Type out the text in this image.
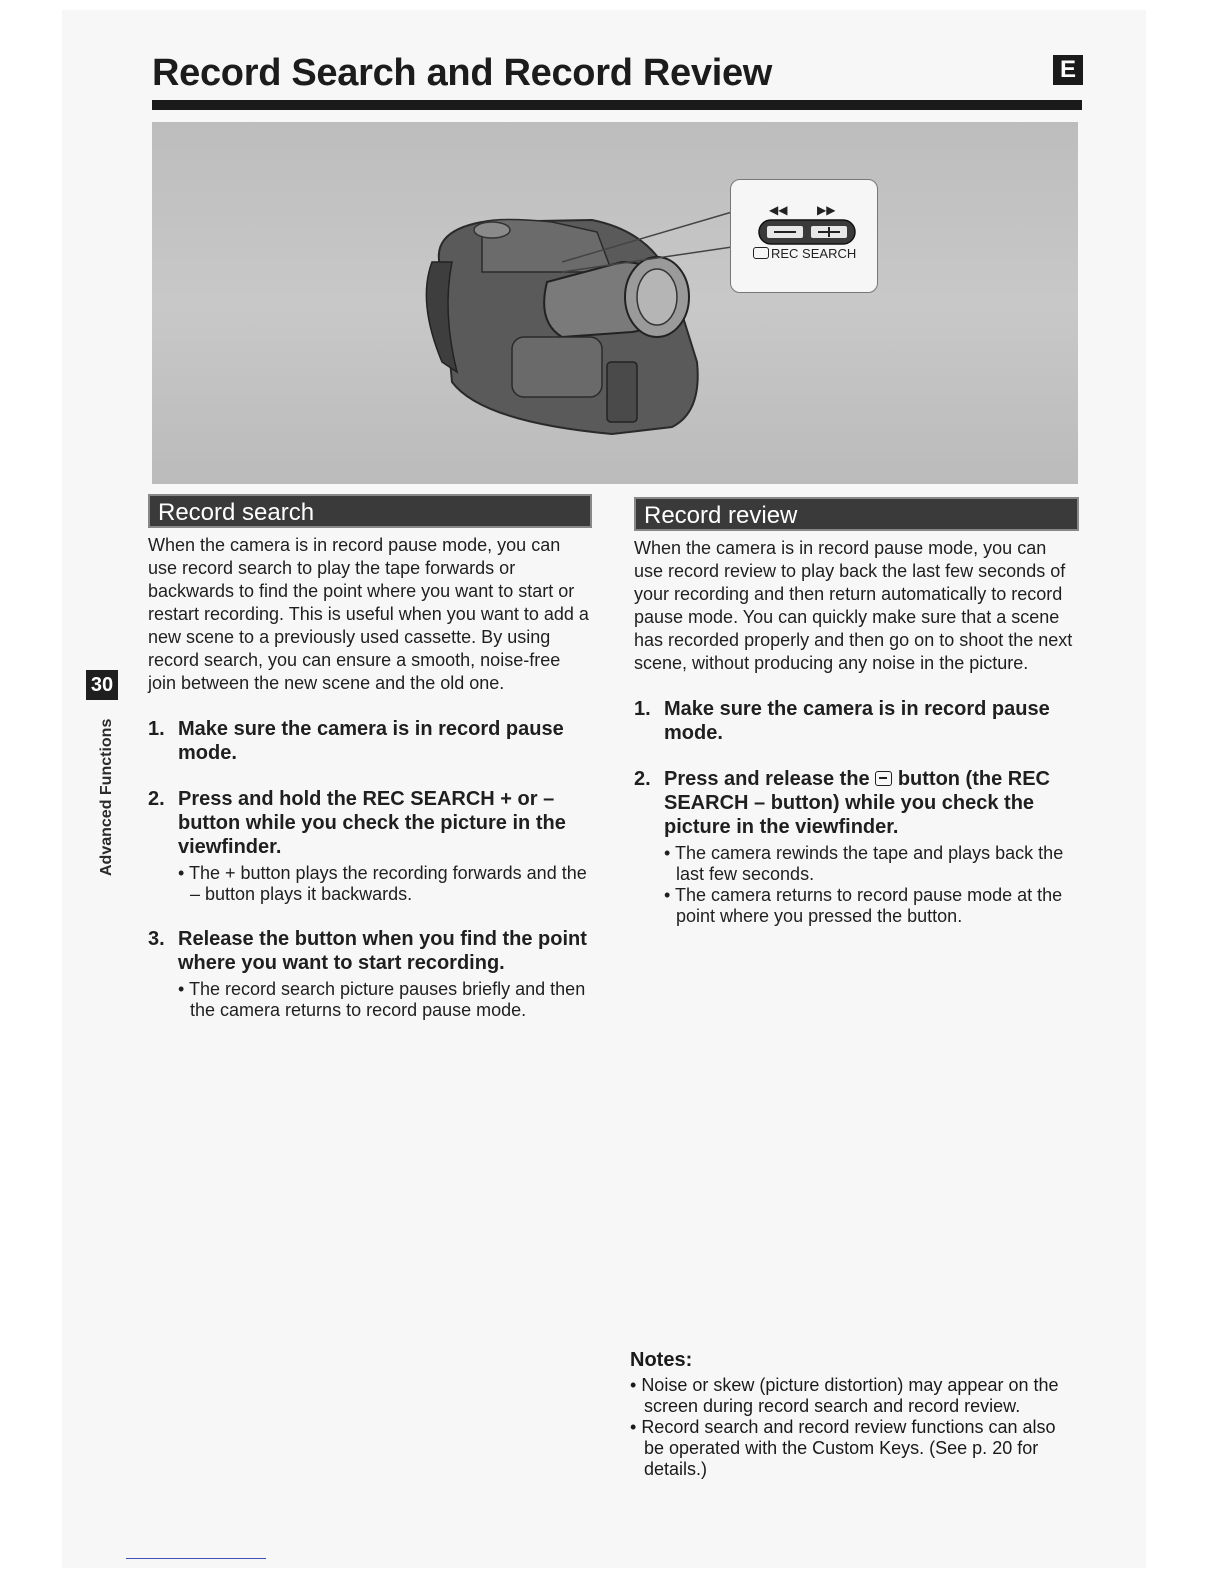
Record Search and Record Review	E
◀◀ ▶▶
REC SEARCH
Record search

When the camera is in record pause mode, you can use record search to play the tape forwards or backwards to find the point where you want to start or restart recording. This is useful when you want to add a new scene to a previously used cassette. By using record search, you can ensure a smooth, noise-free join between the new scene and the old one.

1. Make sure the camera is in record pause mode.
2. Press and hold the REC SEARCH + or – button while you check the picture in the viewfinder.
• The + button plays the recording forwards and the – button plays it backwards.
3. Release the button when you find the point where you want to start recording.
• The record search picture pauses briefly and then the camera returns to record pause mode.
Record review

When the camera is in record pause mode, you can use record review to play back the last few seconds of your recording and then return automatically to record pause mode. You can quickly make sure that a scene has recorded properly and then go on to shoot the next scene, without producing any noise in the picture.

1. Make sure the camera is in record pause mode.
2. Press and release the button (the REC SEARCH – button) while you check the picture in the viewfinder.
• The camera rewinds the tape and plays back the last few seconds.
• The camera returns to record pause mode at the point where you pressed the button.
30
Advanced Functions
Notes:
• Noise or skew (picture distortion) may appear on the screen during record search and record review.
• Record search and record review functions can also be operated with the Custom Keys. (See p. 20 for details.)
